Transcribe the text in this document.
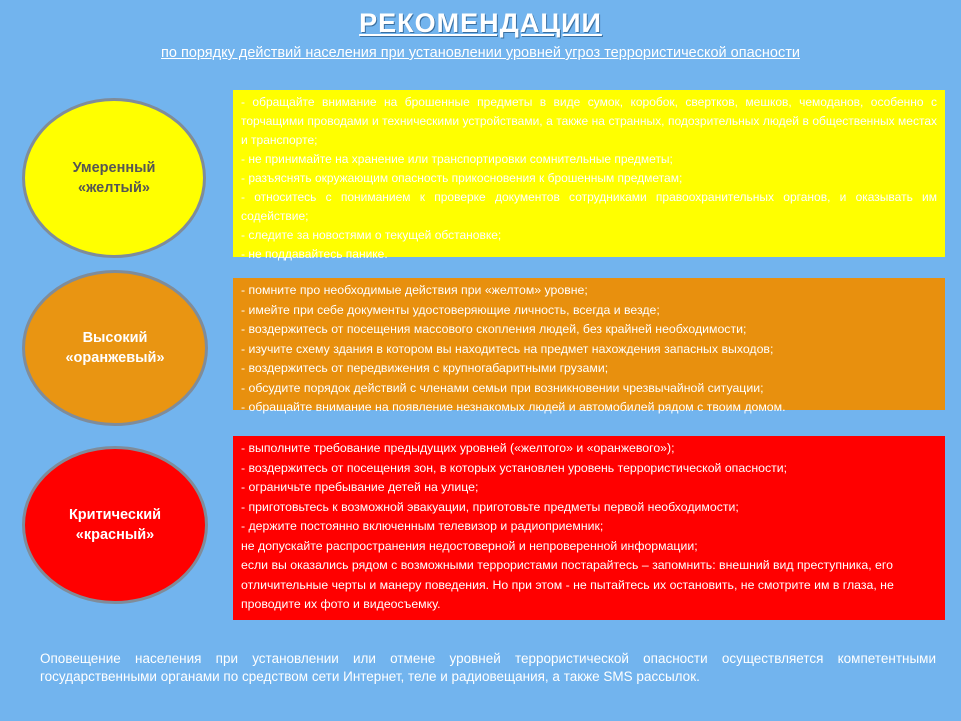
РЕКОМЕНДАЦИИ
по порядку действий населения при установлении уровней угроз террористической опасности
Умеренный
«желтый»

- обращайте внимание на брошенные предметы в виде сумок, коробок, свертков, мешков, чемоданов, особенно с торчащими проводами и техническими устройствами, а также на странных, подозрительных людей в общественных местах и транспорте;

- не принимайте на хранение или транспортировки сомнительные предметы;

- разъяснять окружающим опасность прикосновения к брошенным предметам;

- относитесь с пониманием к проверке документов сотрудниками правоохранительных органов, и оказывать им содействие;

- следите за новостями о текущей обстановке;

- не поддавайтесь панике.

Высокий
«оранжевый»

- помните про необходимые действия при «желтом» уровне;

- имейте при себе документы удостоверяющие личность, всегда и везде;

- воздержитесь от посещения массового скопления людей, без крайней необходимости;

- изучите схему здания в котором вы находитесь на предмет нахождения запасных выходов;

- воздержитесь от передвижения с крупногабаритными грузами;

- обсудите порядок действий с членами семьи при возникновении чрезвычайной ситуации;

- обращайте внимание на появление незнакомых людей и автомобилей рядом с твоим домом.

Критический
«красный»

- выполните требование предыдущих уровней («желтого» и «оранжевого»);

- воздержитесь от посещения зон, в которых установлен уровень террористической опасности;

- ограничьте пребывание детей на улице;

- приготовьтесь к возможной эвакуации, приготовьте предметы первой необходимости;

- держите постоянно включенным телевизор и радиоприемник;

не допускайте распространения недостоверной и непроверенной информации;

если вы оказались рядом с возможными террористами постарайтесь – запомнить: внешний вид преступника, его отличительные черты и манеру поведения. Но при этом - не пытайтесь их остановить, не смотрите им в глаза, не проводите их фото и видеосъемку.

Оповещение населения при установлении или отмене уровней террористической опасности осуществляется компетентными государственными органами по средством сети Интернет, теле и радиовещания, а также SMS рассылок.
